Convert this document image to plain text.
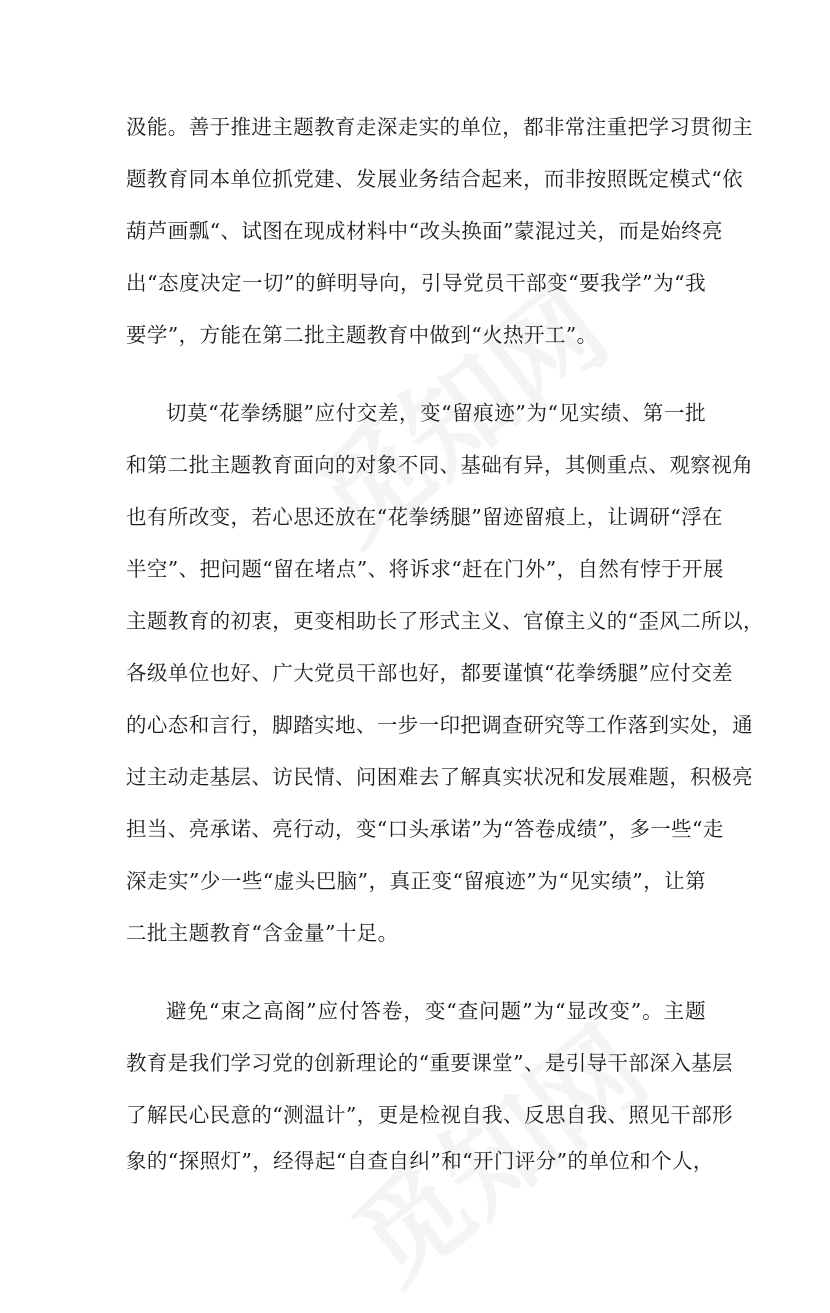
汲能。善于推进主题教育走深走实的单位，都非常注重把学习贯彻主
题教育同本单位抓党建、发展业务结合起来，而非按照既定模式“依
葫芦画瓢“、试图在现成材料中“改头换面”蒙混过关，而是始终亮
出“态度决定一切”的鲜明导向，引导党员干部变“要我学”为“我
要学”，方能在第二批主题教育中做到“火热开工”。
切莫“花拳绣腿”应付交差，变“留痕迹”为“见实绩、第一批
和第二批主题教育面向的对象不同、基础有异，其侧重点、观察视角
也有所改变，若心思还放在“花拳绣腿”留迹留痕上，让调研“浮在
半空”、把问题“留在堵点”、将诉求“赶在门外”，自然有悖于开展
主题教育的初衷，更变相助长了形式主义、官僚主义的“歪风二所以，
各级单位也好、广大党员干部也好，都要谨慎“花拳绣腿”应付交差
的心态和言行，脚踏实地、一步一印把调查研究等工作落到实处，通
过主动走基层、访民情、问困难去了解真实状况和发展难题，积极亮
担当、亮承诺、亮行动，变“口头承诺”为“答卷成绩”，多一些“走
深走实”少一些“虚头巴脑”，真正变“留痕迹”为“见实绩”，让第
二批主题教育“含金量”十足。
避免“束之高阁”应付答卷，变“查问题”为“显改变”。主题
教育是我们学习党的创新理论的“重要课堂”、是引导干部深入基层
了解民心民意的“测温计”，更是检视自我、反思自我、照见干部形
象的“探照灯”，经得起“自查自纠”和“开门评分”的单位和个人，
